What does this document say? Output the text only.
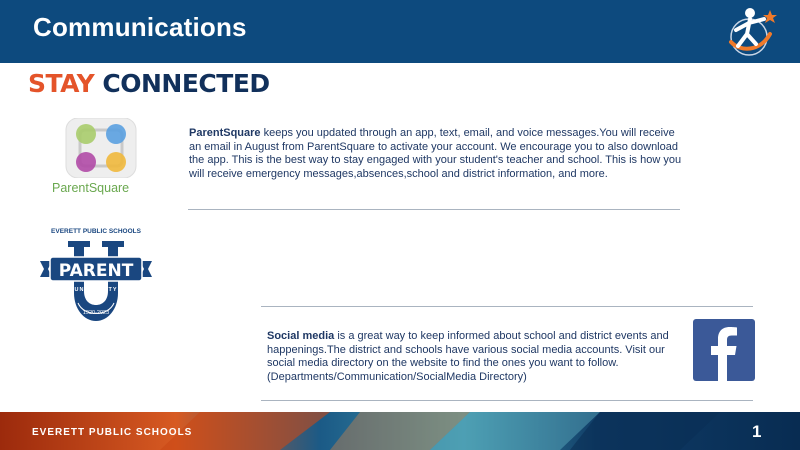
Communications
STAY CONNECTED
ParentSquare
ParentSquare keeps you updated through an app, text, email, and voice messages.You will receive an email in August from ParentSquare to activate your account. We encourage you to also download the app. This is the best way to stay engaged with your student's teacher and school. This is how you will receive emergency messages,absences,school and district information, and more.
EVERETT PUBLIC SCHOOLS
PARENT
UNIVERSITY
1920-2023
Social media is a great way to keep informed about school and district events and happenings.The district and schools have various social media accounts. Visit our social media directory on the website to find the ones you want to follow. (Departments/Communication/SocialMedia Directory)
EVERETT PUBLIC SCHOOLS	1
